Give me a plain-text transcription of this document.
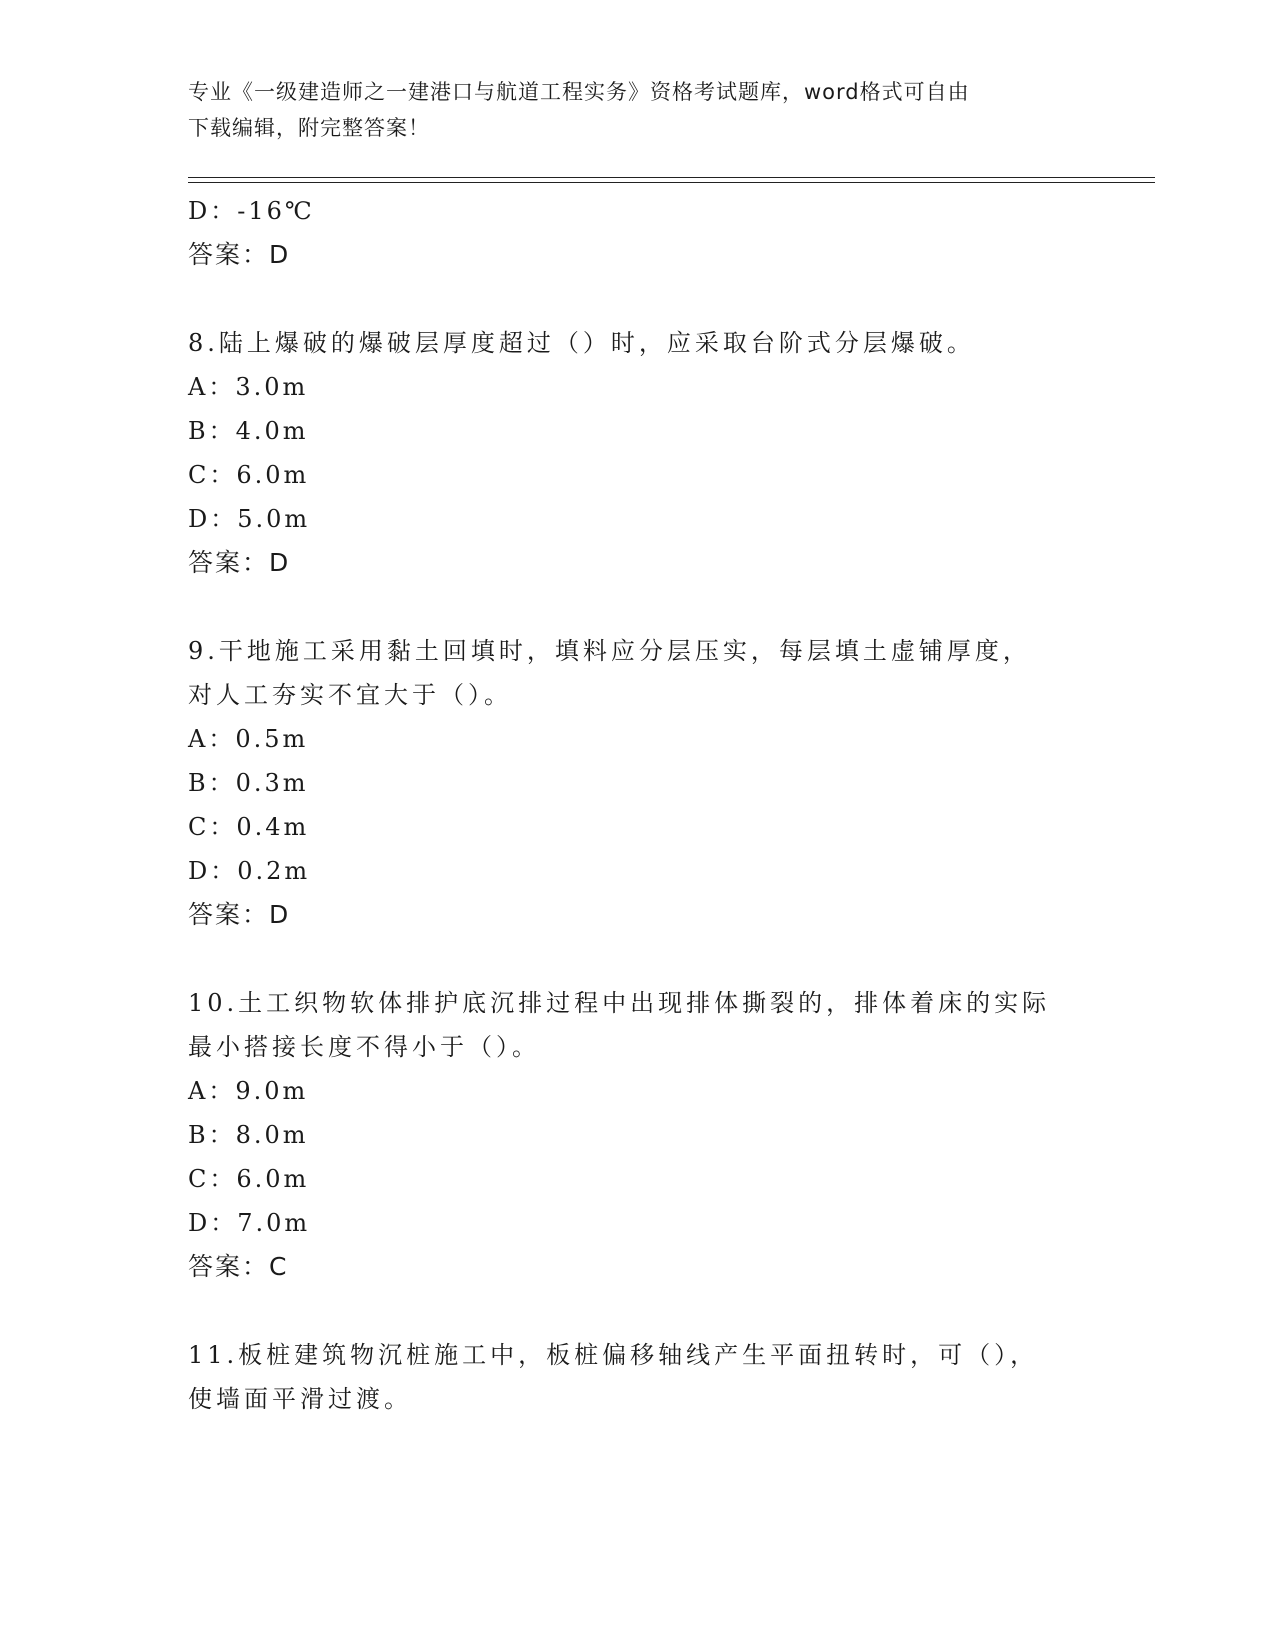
专业《一级建造师之一建港口与航道工程实务》资格考试题库，word格式可自由
下载编辑，附完整答案！
D：-16℃
答案：D
8.陆上爆破的爆破层厚度超过（）时，应采取台阶式分层爆破。
A：3.0m
B：4.0m
C：6.0m
D：5.0m
答案：D
9.干地施工采用黏土回填时，填料应分层压实，每层填土虚铺厚度，
对人工夯实不宜大于（）。
A：0.5m
B：0.3m
C：0.4m
D：0.2m
答案：D
10.土工织物软体排护底沉排过程中出现排体撕裂的，排体着床的实际
最小搭接长度不得小于（）。
A：9.0m
B：8.0m
C：6.0m
D：7.0m
答案：C
11.板桩建筑物沉桩施工中，板桩偏移轴线产生平面扭转时，可（），
使墙面平滑过渡。
